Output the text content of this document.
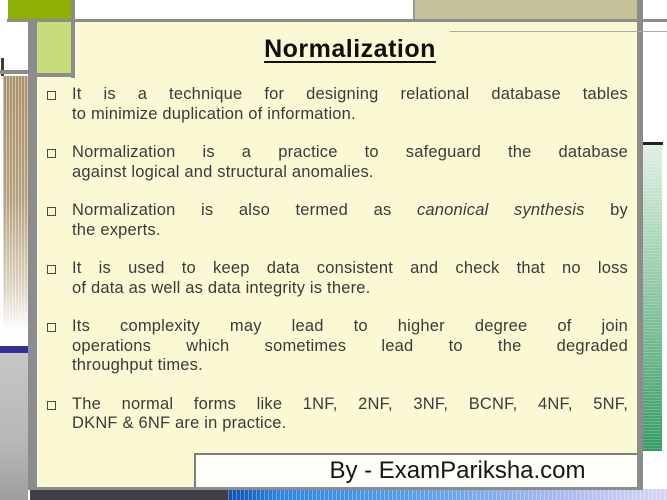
Normalization
It is a technique for designing relational database tables
to minimize duplication of information.
Normalization is a practice to safeguard the database
against logical and structural anomalies.
Normalization is also termed as canonical synthesis by
the experts.
It is used to keep data consistent and check that no loss
of data as well as data integrity is there.
Its complexity may lead to higher degree of join
operations which sometimes lead to the degraded
throughput times.
The normal forms like 1NF, 2NF, 3NF, BCNF, 4NF, 5NF,
DKNF & 6NF are in practice.
By - ExamPariksha.com
